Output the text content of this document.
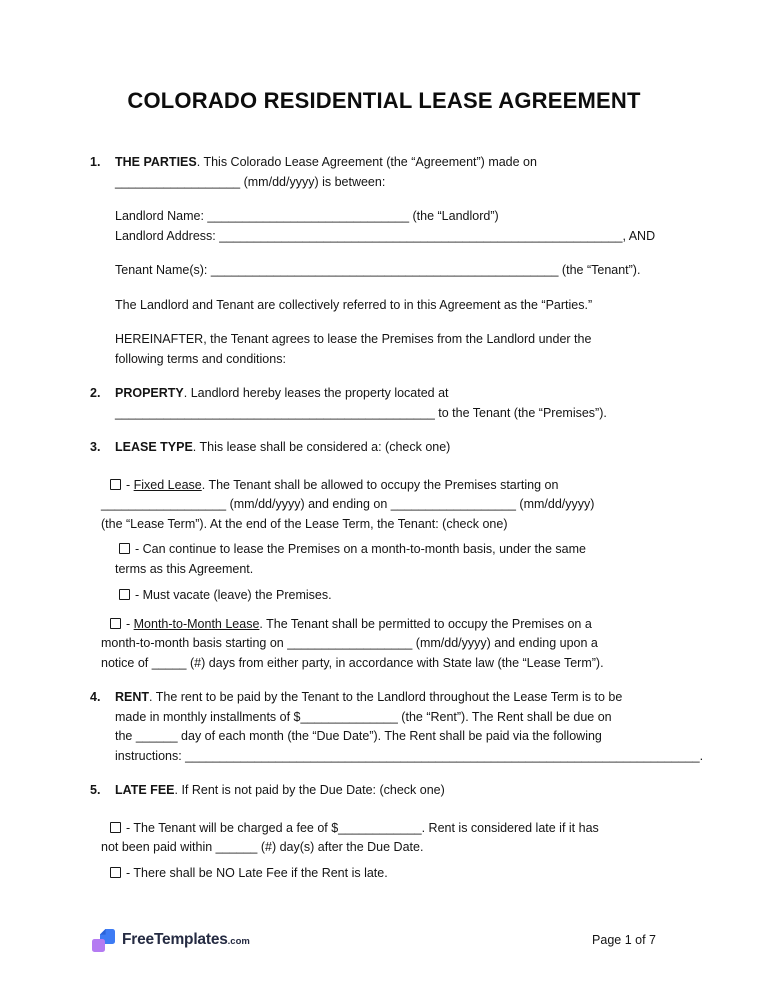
COLORADO RESIDENTIAL LEASE AGREEMENT
1. THE PARTIES. This Colorado Lease Agreement (the “Agreement”) made on
__________________ (mm/dd/yyyy) is between:
Landlord Name: _____________________________ (the “Landlord”)
Landlord Address: __________________________________________________________, AND
Tenant Name(s): __________________________________________________ (the “Tenant”).
The Landlord and Tenant are collectively referred to in this Agreement as the “Parties.”
HEREINAFTER, the Tenant agrees to lease the Premises from the Landlord under the
following terms and conditions:
2. PROPERTY. Landlord hereby leases the property located at
______________________________________________ to the Tenant (the “Premises”).
3. LEASE TYPE. This lease shall be considered a: (check one)
- Fixed Lease. The Tenant shall be allowed to occupy the Premises starting on
__________________ (mm/dd/yyyy) and ending on __________________ (mm/dd/yyyy)
(the “Lease Term”). At the end of the Lease Term, the Tenant: (check one)
- Can continue to lease the Premises on a month-to-month basis, under the same
terms as this Agreement.
- Must vacate (leave) the Premises.
- Month-to-Month Lease. The Tenant shall be permitted to occupy the Premises on a
month-to-month basis starting on __________________ (mm/dd/yyyy) and ending upon a
notice of _____ (#) days from either party, in accordance with State law (the “Lease Term”).
4. RENT. The rent to be paid by the Tenant to the Landlord throughout the Lease Term is to be
made in monthly installments of $______________ (the “Rent”). The Rent shall be due on
the ______ day of each month (the “Due Date”). The Rent shall be paid via the following
instructions: __________________________________________________________________________.
5. LATE FEE. If Rent is not paid by the Due Date: (check one)
- The Tenant will be charged a fee of $____________. Rent is considered late if it has
not been paid within ______ (#) day(s) after the Due Date.
- There shall be NO Late Fee if the Rent is late.
FreeTemplates.com	Page 1 of 7
